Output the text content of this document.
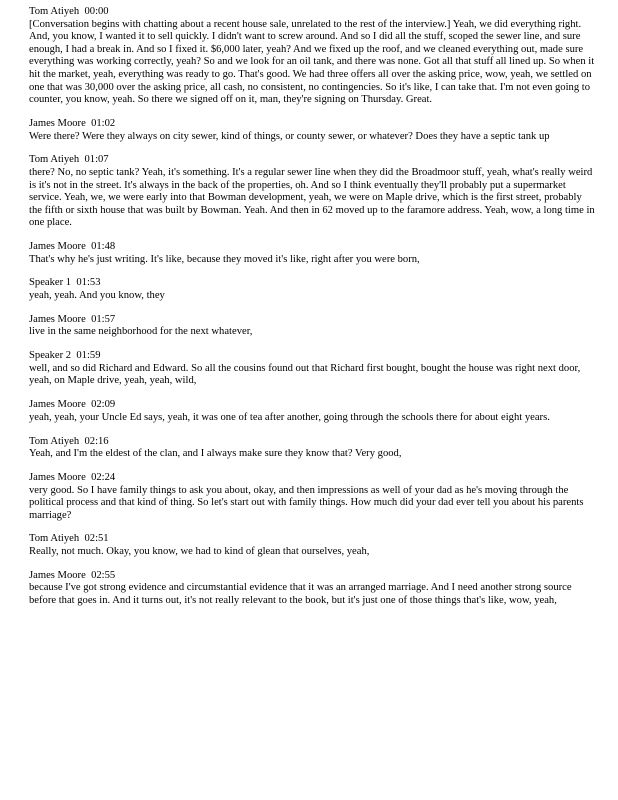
Tom Atiyeh 00:00
[Conversation begins with chatting about a recent house sale, unrelated to the rest of the interview.] Yeah, we did everything right. And, you know, I wanted it to sell quickly. I didn't want to screw around. And so I did all the stuff, scoped the sewer line, and sure enough, I had a break in. And so I fixed it. $6,000 later, yeah? And we fixed up the roof, and we cleaned everything out, made sure everything was working correctly, yeah? So and we look for an oil tank, and there was none. Got all that stuff all lined up. So when it hit the market, yeah, everything was ready to go. That's good. We had three offers all over the asking price, wow, yeah, we settled on one that was 30,000 over the asking price, all cash, no consistent, no contingencies. So it's like, I can take that. I'm not even going to counter, you know, yeah. So there we signed off on it, man, they're signing on Thursday. Great.
James Moore 01:02
Were there? Were they always on city sewer, kind of things, or county sewer, or whatever? Does they have a septic tank up
Tom Atiyeh 01:07
there? No, no septic tank? Yeah, it's something. It's a regular sewer line when they did the Broadmoor stuff, yeah, what's really weird is it's not in the street. It's always in the back of the properties, oh. And so I think eventually they'll probably put a supermarket service. Yeah, we, we were early into that Bowman development, yeah, we were on Maple drive, which is the first street, probably the fifth or sixth house that was built by Bowman. Yeah. And then in 62 moved up to the faramore address. Yeah, wow, a long time in one place.
James Moore 01:48
That's why he's just writing. It's like, because they moved it's like, right after you were born,
Speaker 1 01:53
yeah, yeah. And you know, they
James Moore 01:57
live in the same neighborhood for the next whatever,
Speaker 2 01:59
well, and so did Richard and Edward. So all the cousins found out that Richard first bought, bought the house was right next door, yeah, on Maple drive, yeah, yeah, wild,
James Moore 02:09
yeah, yeah, your Uncle Ed says, yeah, it was one of tea after another, going through the schools there for about eight years.
Tom Atiyeh 02:16
Yeah, and I'm the eldest of the clan, and I always make sure they know that? Very good,
James Moore 02:24
very good. So I have family things to ask you about, okay, and then impressions as well of your dad as he's moving through the political process and that kind of thing. So let's start out with family things. How much did your dad ever tell you about his parents marriage?
Tom Atiyeh 02:51
Really, not much. Okay, you know, we had to kind of glean that ourselves, yeah,
James Moore 02:55
because I've got strong evidence and circumstantial evidence that it was an arranged marriage. And I need another strong source before that goes in. And it turns out, it's not really relevant to the book, but it's just one of those things that's like, wow, yeah,
